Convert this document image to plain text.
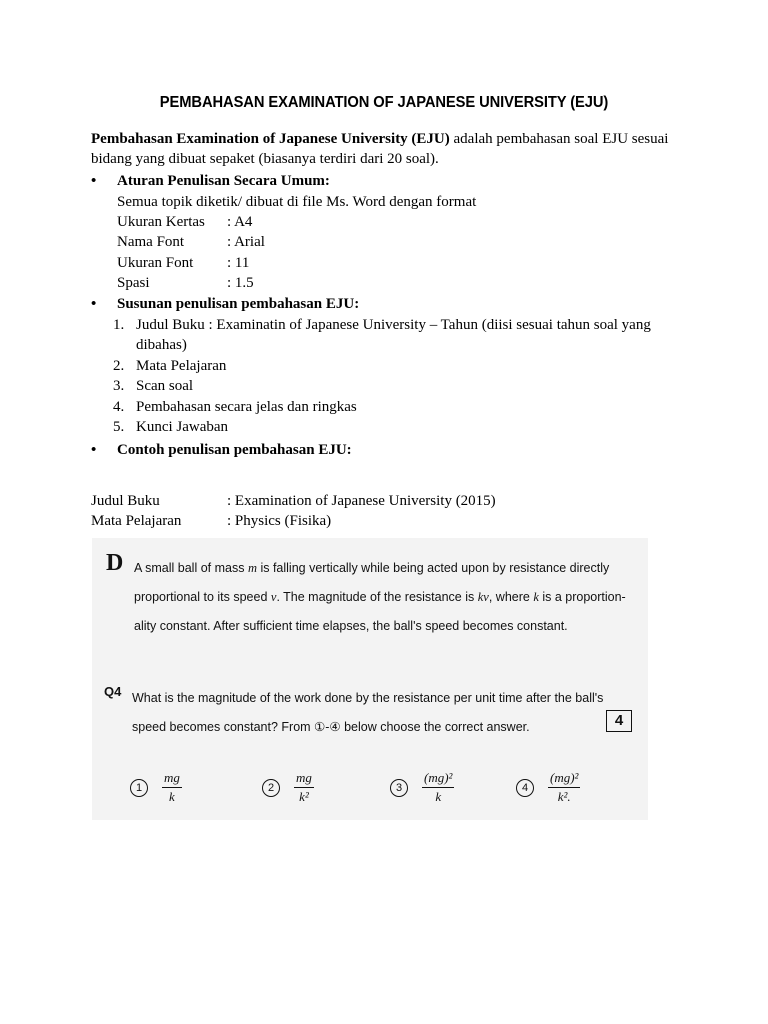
PEMBAHASAN EXAMINATION OF JAPANESE UNIVERSITY (EJU)
Pembahasan Examination of Japanese University (EJU) adalah pembahasan soal EJU sesuai bidang yang dibuat sepaket (biasanya terdiri dari 20 soal).
• Aturan Penulisan Secara Umum:
Semua topik diketik/ dibuat di file Ms. Word dengan format
Ukuran Kertas	: A4
Nama Font	: Arial
Ukuran Font	: 11
Spasi	: 1.5
• Susunan penulisan pembahasan EJU:
1. Judul Buku : Examinatin of Japanese University – Tahun (diisi sesuai tahun soal yang dibahas)
2. Mata Pelajaran
3. Scan soal
4. Pembahasan secara jelas dan ringkas
5. Kunci Jawaban
• Contoh penulisan pembahasan EJU:
Judul Buku	: Examination of Japanese University (2015)
Mata Pelajaran	: Physics (Fisika)
D A small ball of mass m is falling vertically while being acted upon by resistance directly proportional to its speed v. The magnitude of the resistance is kv, where k is a proportion-ality constant. After sufficient time elapses, the ball's speed becomes constant.
Q4 What is the magnitude of the work done by the resistance per unit time after the ball's speed becomes constant? From ①-④ below choose the correct answer.	4
1	$\frac{mg}{k}$	2	$\frac{mg}{\text{k²}}$	3	$\frac{\text{(mg)²}}{k}$	4	$\frac{\text{(mg)²}}{\text{k².}}$
